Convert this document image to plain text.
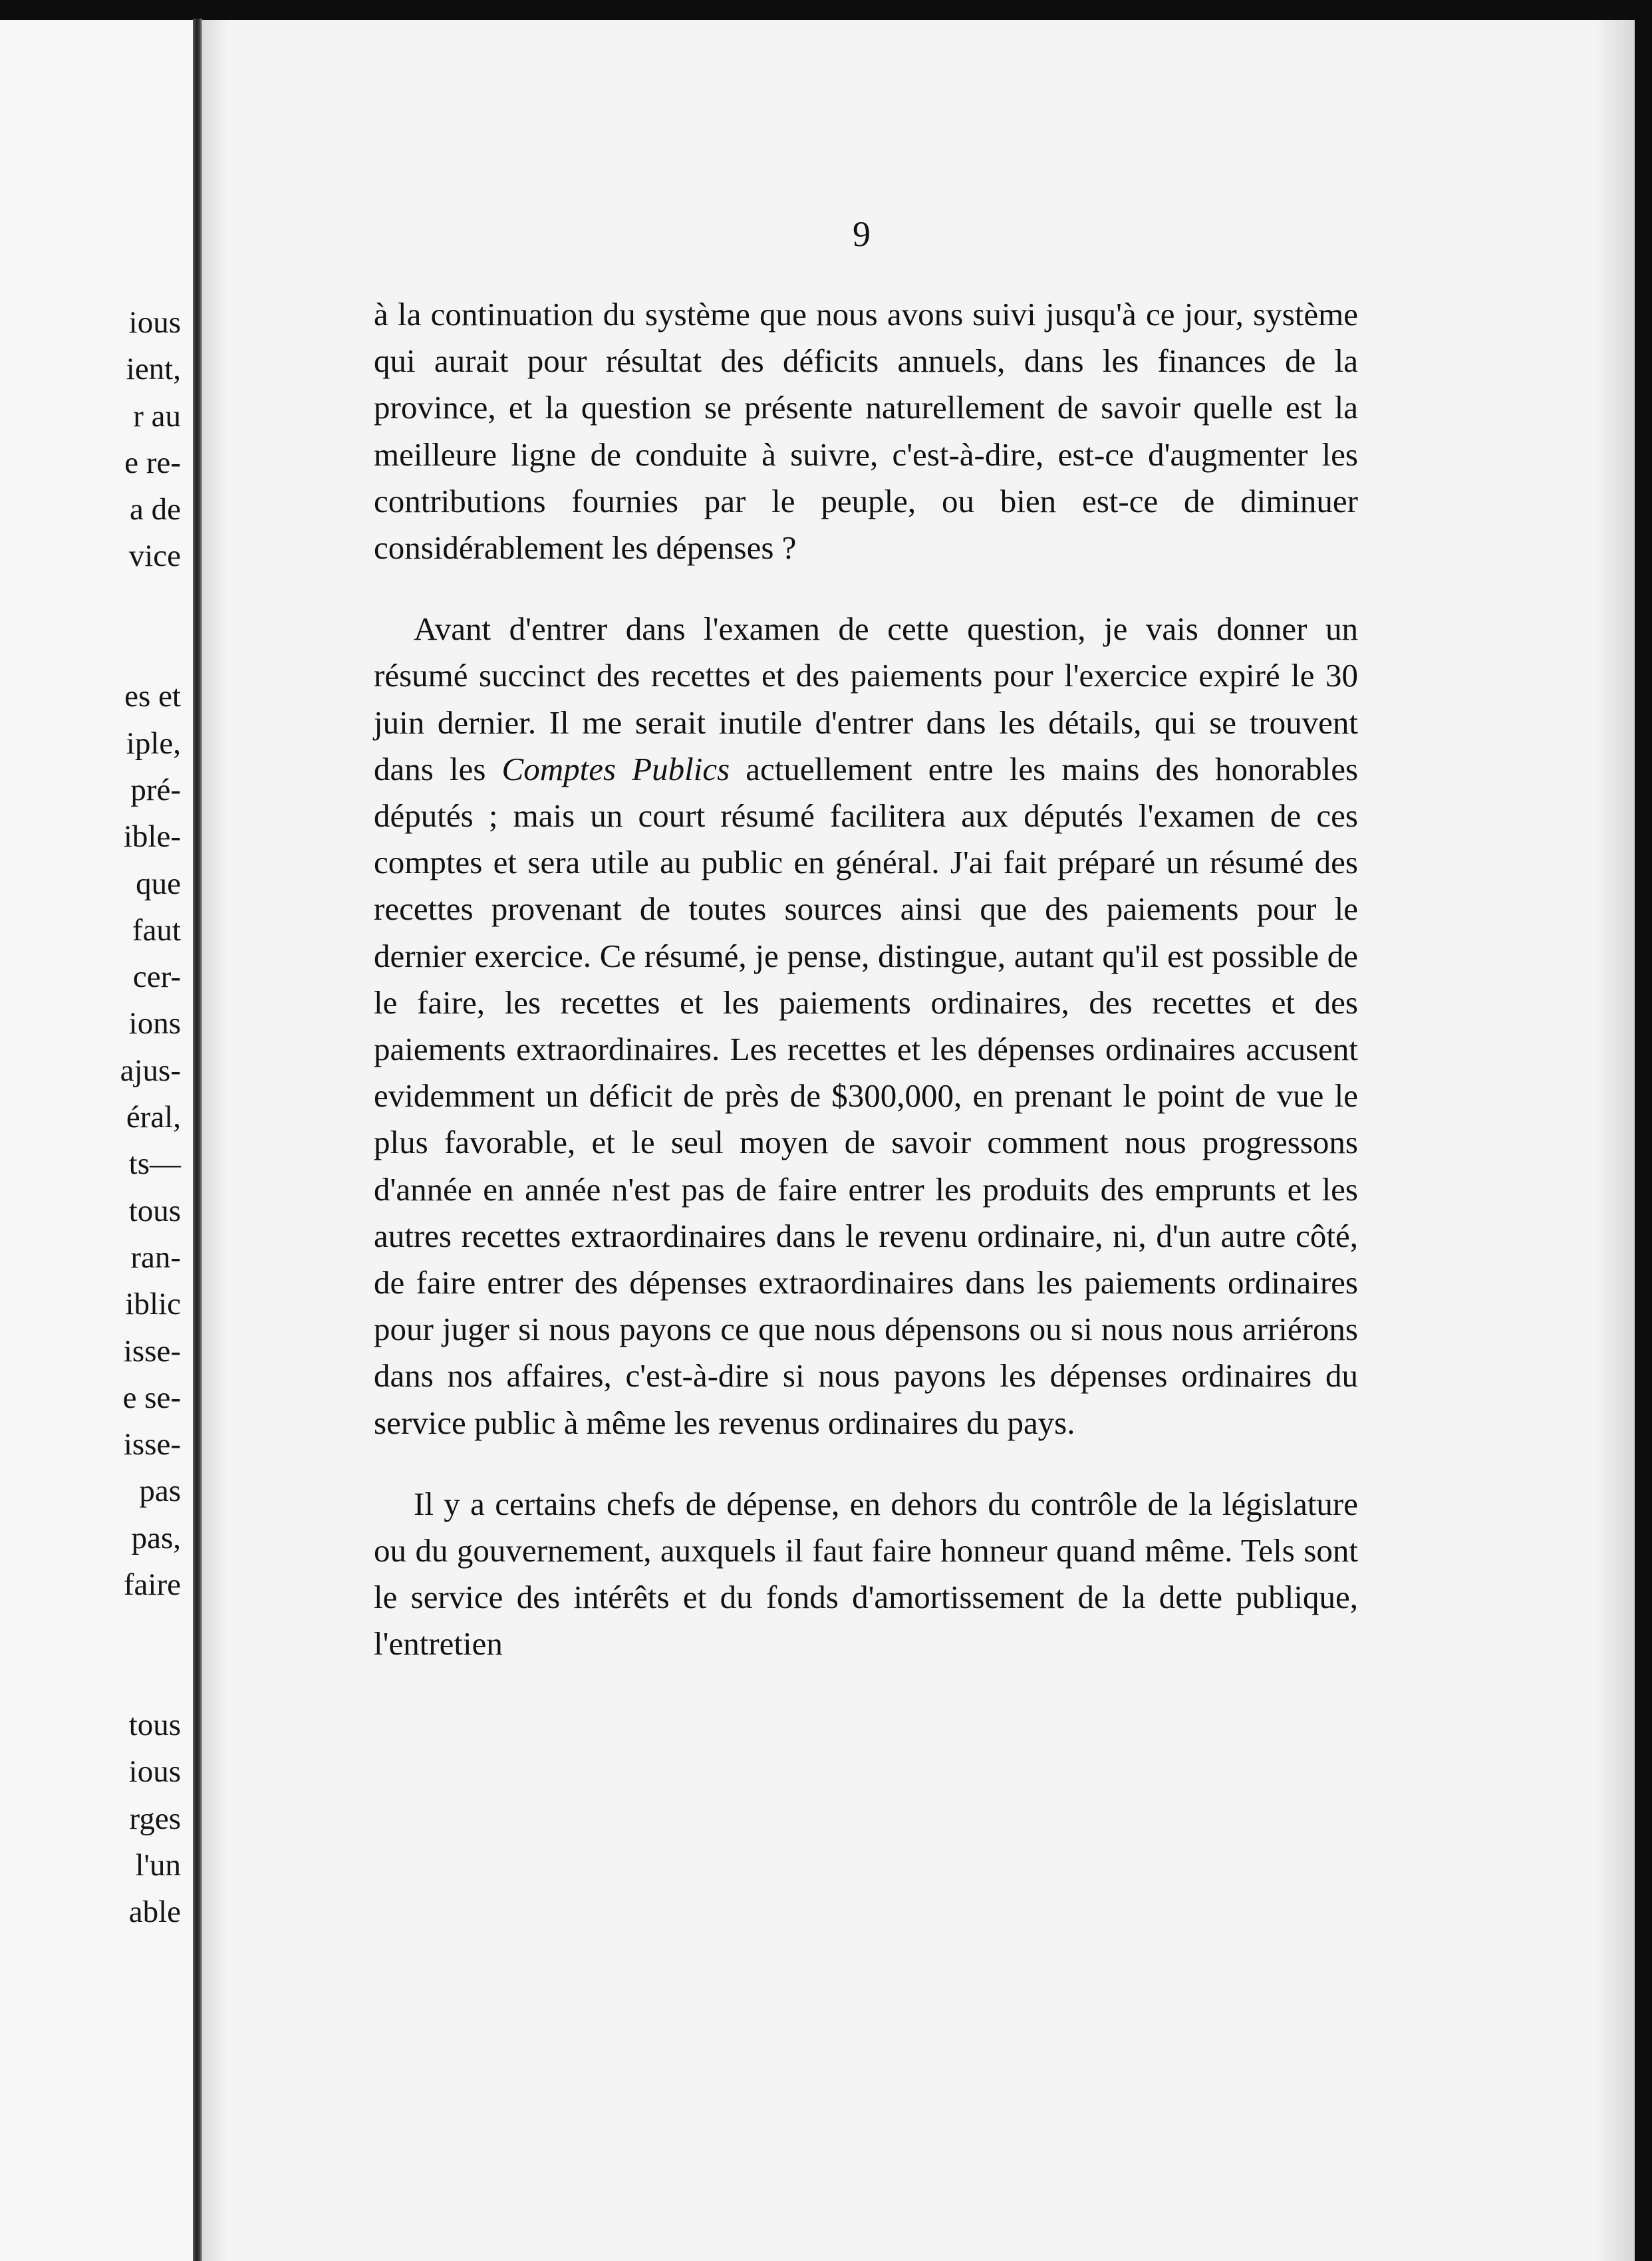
ious
ient,
r au
e re-
a de
vice
es et
iple,
pré-
ible-
que
faut
cer-
ions
ajus-
éral,
ts—
tous
ran-
iblic
isse-
e se-
isse-
pas
pas,
faire
tous
ious
rges
l'un
able
9

à la continuation du système que nous avons suivi jusqu'à ce jour, système qui aurait pour résultat des déficits annuels, dans les finances de la province, et la question se présente naturellement de savoir quelle est la meilleure ligne de conduite à suivre, c'est-à-dire, est-ce d'augmenter les contributions fournies par le peuple, ou bien est-ce de diminuer considérablement les dépenses ?

Avant d'entrer dans l'examen de cette question, je vais donner un résumé succinct des recettes et des paiements pour l'exercice expiré le 30 juin dernier. Il me serait inutile d'entrer dans les détails, qui se trouvent dans les Comptes Publics actuellement entre les mains des honorables députés ; mais un court résumé facilitera aux députés l'examen de ces comptes et sera utile au public en général. J'ai fait préparé un résumé des recettes provenant de toutes sources ainsi que des paiements pour le dernier exercice. Ce résumé, je pense, distingue, autant qu'il est possible de le faire, les recettes et les paiements ordinaires, des recettes et des paiements extraordinaires. Les recettes et les dépenses ordinaires accusent evidemment un déficit de près de $300,000, en prenant le point de vue le plus favorable, et le seul moyen de savoir comment nous progressons d'année en année n'est pas de faire entrer les produits des emprunts et les autres recettes extraordinaires dans le revenu ordinaire, ni, d'un autre côté, de faire entrer des dépenses extraordinaires dans les paiements ordinaires pour juger si nous payons ce que nous dépensons ou si nous nous arriérons dans nos affaires, c'est-à-dire si nous payons les dépenses ordinaires du service public à même les revenus ordinaires du pays.

Il y a certains chefs de dépense, en dehors du contrôle de la législature ou du gouvernement, auxquels il faut faire honneur quand même. Tels sont le service des intérêts et du fonds d'amortissement de la dette publique, l'entretien
